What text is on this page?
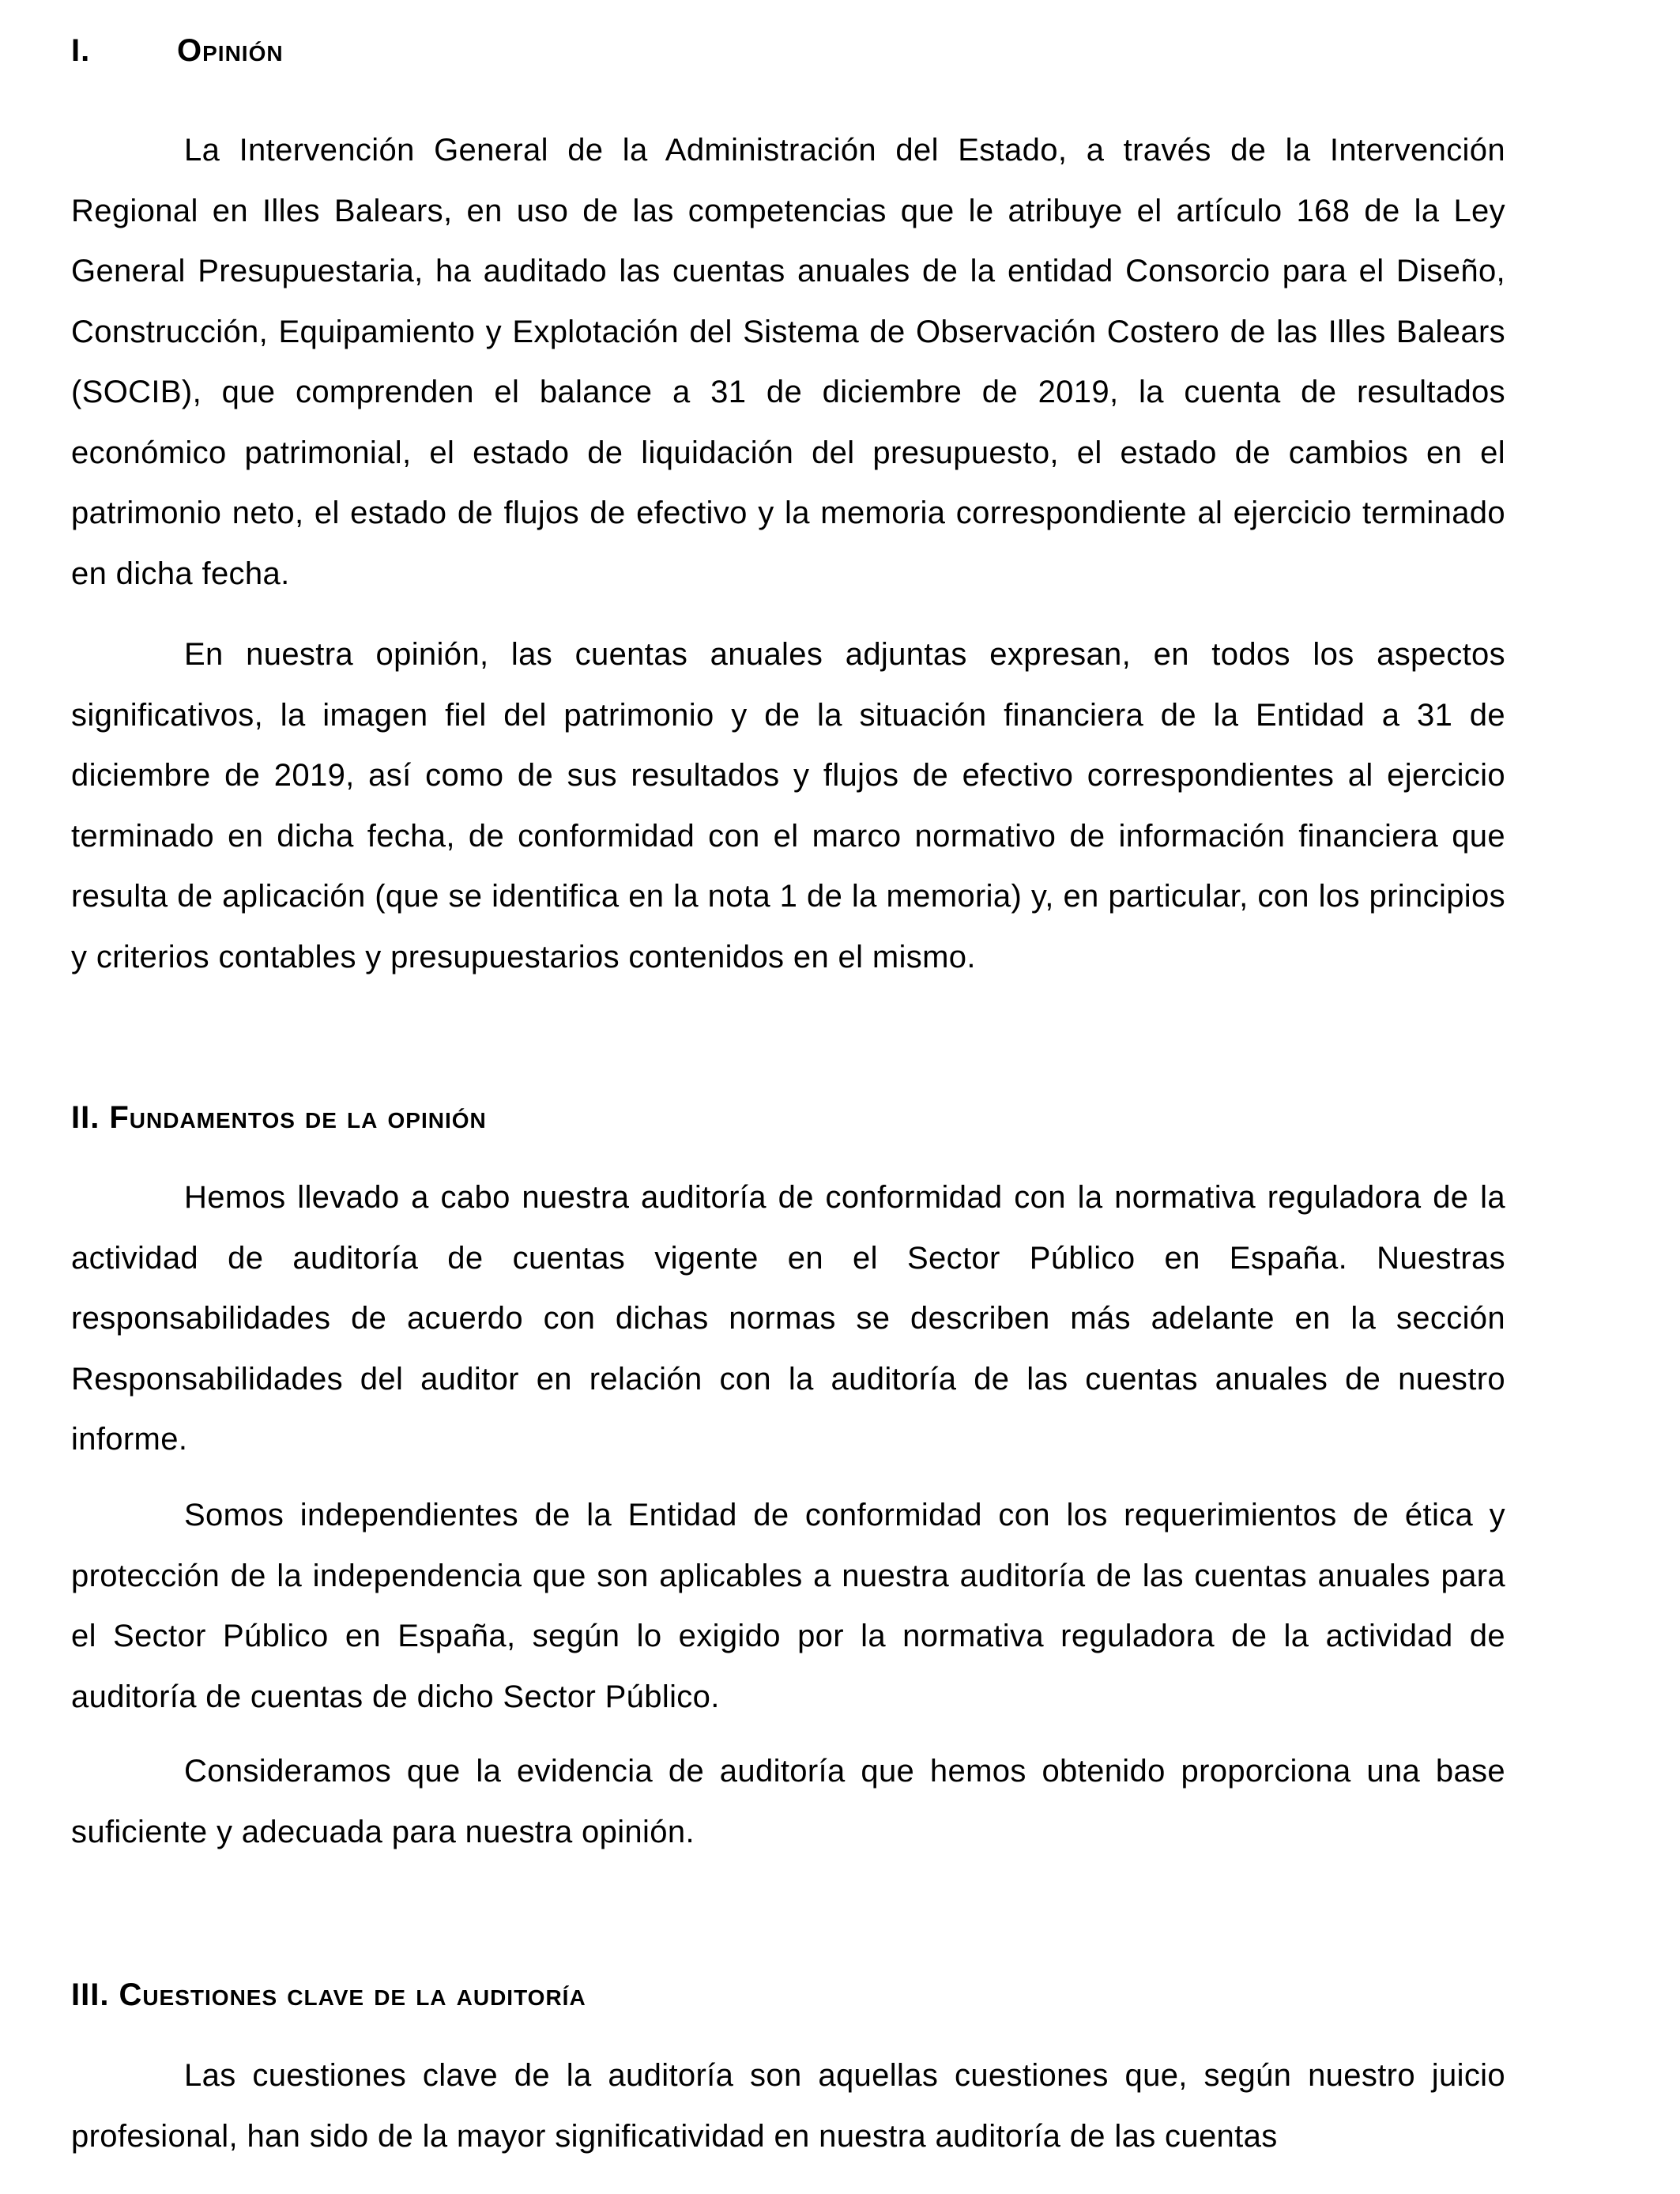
I.	Opinión

La Intervención General de la Administración del Estado, a través de la Intervención Regional en Illes Balears, en uso de las competencias que le atribuye el artículo 168 de la Ley General Presupuestaria, ha auditado las cuentas anuales de la entidad Consorcio para el Diseño, Construcción, Equipamiento y Explotación del Sistema de Observación Costero de las Illes Balears (SOCIB), que comprenden el balance a 31 de diciembre de 2019, la cuenta de resultados económico patrimonial, el estado de liquidación del presupuesto, el estado de cambios en el patrimonio neto, el estado de flujos de efectivo y la memoria correspondiente al ejercicio terminado en dicha fecha.

En nuestra opinión, las cuentas anuales adjuntas expresan, en todos los aspectos significativos, la imagen fiel del patrimonio y de la situación financiera de la Entidad a 31 de diciembre de 2019, así como de sus resultados y flujos de efectivo correspondientes al ejercicio terminado en dicha fecha, de conformidad con el marco normativo de información financiera que resulta de aplicación (que se identifica en la nota 1 de la memoria) y, en particular, con los principios y criterios contables y presupuestarios contenidos en el mismo.

II. Fundamentos de la opinión

Hemos llevado a cabo nuestra auditoría de conformidad con la normativa reguladora de la actividad de auditoría de cuentas vigente en el Sector Público en España. Nuestras responsabilidades de acuerdo con dichas normas se describen más adelante en la sección Responsabilidades del auditor en relación con la auditoría de las cuentas anuales de nuestro informe.

Somos independientes de la Entidad de conformidad con los requerimientos de ética y protección de la independencia que son aplicables a nuestra auditoría de las cuentas anuales para el Sector Público en España, según lo exigido por la normativa reguladora de la actividad de auditoría de cuentas de dicho Sector Público.

Consideramos que la evidencia de auditoría que hemos obtenido proporciona una base suficiente y adecuada para nuestra opinión.

III. Cuestiones clave de la auditoría

Las cuestiones clave de la auditoría son aquellas cuestiones que, según nuestro juicio profesional, han sido de la mayor significatividad en nuestra auditoría de las cuentas
